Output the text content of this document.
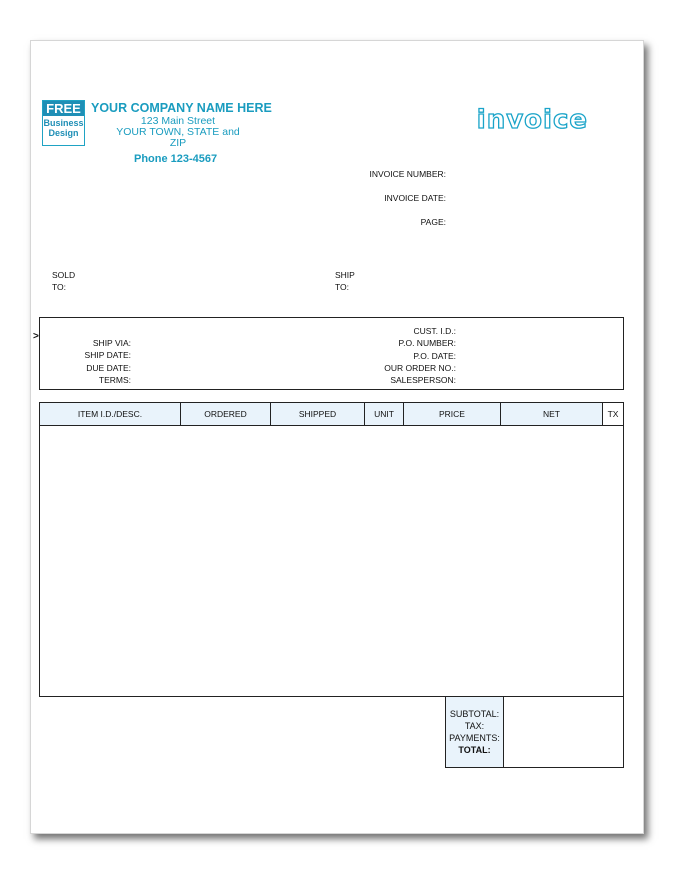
FREE
Business
Design
YOUR COMPANY NAME HERE
123 Main Street
YOUR TOWN, STATE and ZIP
Phone 123-4567
invoice
INVOICE NUMBER:
INVOICE DATE:
PAGE:
SOLD
TO:
SHIP
TO:
>
SHIP VIA:
SHIP DATE:
DUE DATE:
TERMS:
CUST. I.D.:
P.O. NUMBER:
P.O. DATE:
OUR ORDER NO.:
SALESPERSON:
ITEM I.D./DESC.	ORDERED	SHIPPED	UNIT	PRICE	NET	TX
SUBTOTAL:
TAX:
PAYMENTS:
TOTAL:
